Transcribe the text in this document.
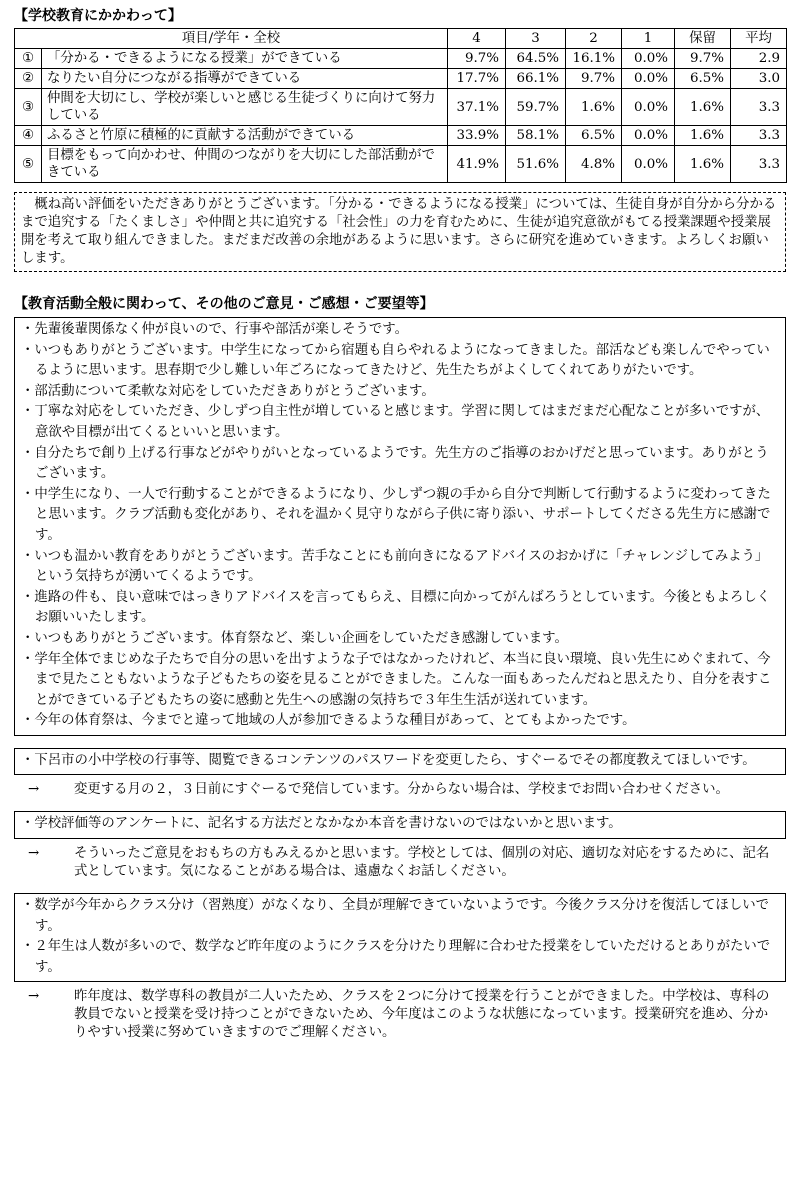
【学校教育にかかわって】
項目/学年・全校		4	3	2	1	保留	平均
①	「分かる・できるようになる授業」ができている	9.7%	64.5%	16.1%	0.0%	9.7%	2.9
②	なりたい自分につながる指導ができている	17.7%	66.1%	9.7%	0.0%	6.5%	3.0
③	仲間を大切にし、学校が楽しいと感じる生徒づくりに向けて努力している	37.1%	59.7%	1.6%	0.0%	1.6%	3.3
④	ふるさと竹原に積極的に貢献する活動ができている	33.9%	58.1%	6.5%	0.0%	1.6%	3.3
⑤	目標をもって向かわせ、仲間のつながりを大切にした部活動ができている	41.9%	51.6%	4.8%	0.0%	1.6%	3.3
　概ね高い評価をいただきありがとうございます。「分かる・できるようになる授業」については、生徒自身が自分から分かるまで追究する「たくましさ」や仲間と共に追究する「社会性」の力を育むために、生徒が追究意欲がもてる授業課題や授業展開を考えて取り組んできました。まだまだ改善の余地があるように思います。さらに研究を進めていきます。よろしくお願いします。
【教育活動全般に関わって、その他のご意見・ご感想・ご要望等】
・先輩後輩関係なく仲が良いので、行事や部活が楽しそうです。
・いつもありがとうございます。中学生になってから宿題も自らやれるようになってきました。部活なども楽しんでやっているように思います。思春期で少し難しい年ごろになってきたけど、先生たちがよくしてくれてありがたいです。
・部活動について柔軟な対応をしていただきありがとうございます。
・丁寧な対応をしていただき、少しずつ自主性が増していると感じます。学習に関してはまだまだ心配なことが多いですが、意欲や目標が出てくるといいと思います。
・自分たちで創り上げる行事などがやりがいとなっているようです。先生方のご指導のおかげだと思っています。ありがとうございます。
・中学生になり、一人で行動することができるようになり、少しずつ親の手から自分で判断して行動するように変わってきたと思います。クラブ活動も変化があり、それを温かく見守りながら子供に寄り添い、サポートしてくださる先生方に感謝です。
・いつも温かい教育をありがとうございます。苦手なことにも前向きになるアドバイスのおかげに「チャレンジしてみよう」という気持ちが湧いてくるようです。
・進路の件も、良い意味ではっきりアドバイスを言ってもらえ、目標に向かってがんばろうとしています。今後ともよろしくお願いいたします。
・いつもありがとうございます。体育祭など、楽しい企画をしていただき感謝しています。
・学年全体でまじめな子たちで自分の思いを出すような子ではなかったけれど、本当に良い環境、良い先生にめぐまれて、今まで見たこともないような子どもたちの姿を見ることができました。こんな一面もあったんだねと思えたり、自分を表すことができている子どもたちの姿に感動と先生への感謝の気持ちで３年生生活が送れています。
・今年の体育祭は、今までと違って地域の人が参加できるような種目があって、とてもよかったです。
・下呂市の小中学校の行事等、閲覧できるコンテンツのパスワードを変更したら、すぐーるでその都度教えてほしいです。
→	変更する月の２，３日前にすぐーるで発信しています。分からない場合は、学校までお問い合わせください。
・学校評価等のアンケートに、記名する方法だとなかなか本音を書けないのではないかと思います。
→	そういったご意見をおもちの方もみえるかと思います。学校としては、個別の対応、適切な対応をするために、記名式としています。気になることがある場合は、遠慮なくお話しください。
・数学が今年からクラス分け（習熟度）がなくなり、全員が理解できていないようです。今後クラス分けを復活してほしいです。
・２年生は人数が多いので、数学など昨年度のようにクラスを分けたり理解に合わせた授業をしていただけるとありがたいです。
→	昨年度は、数学専科の教員が二人いたため、クラスを２つに分けて授業を行うことができました。中学校は、専科の教員でないと授業を受け持つことができないため、今年度はこのような状態になっています。授業研究を進め、分かりやすい授業に努めていきますのでご理解ください。
